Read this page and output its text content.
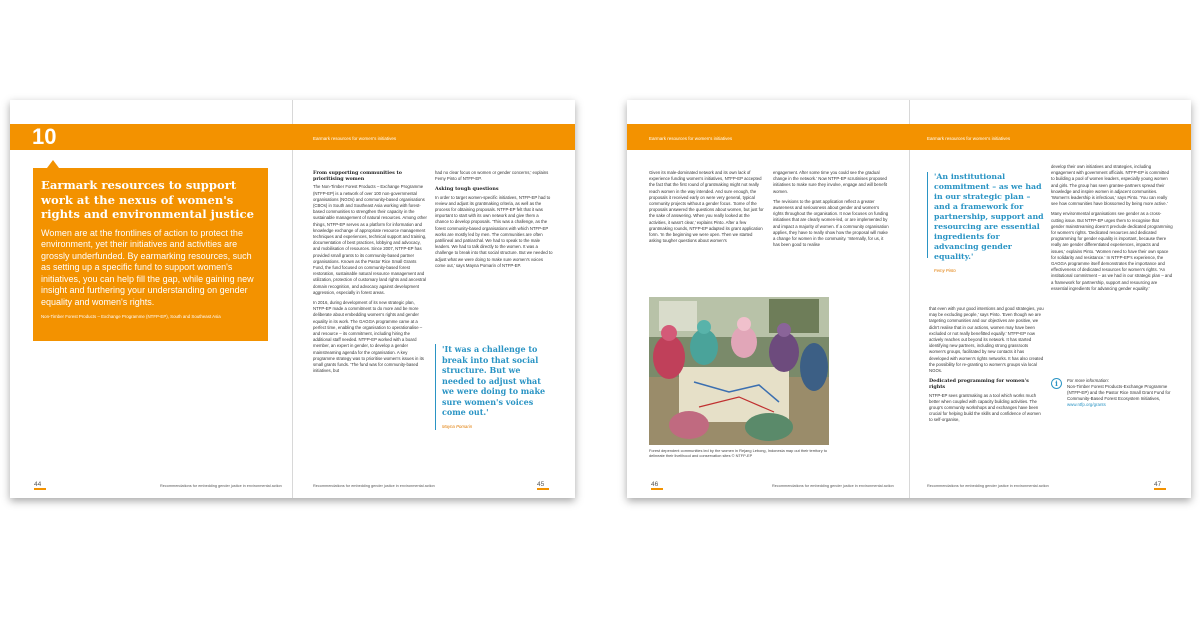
10	Earmark resources for women's initiatives
Earmark resources to support work at the nexus of women's rights and environmental justice

Women are at the frontlines of action to protect the environment, yet their initiatives and activities are grossly underfunded. By earmarking resources, such as setting up a specific fund to support women's initiatives, you can help fill the gap, while gaining new insight and furthering your understanding on gender equality and women's rights.

Non-Timber Forest Products – Exchange Programme (NTFP-EP), South and Southeast Asia
From supporting communities to prioritising women

The Non-Timber Forest Products – Exchange Programme (NTFP-EP) is a network of over 100 non-governmental organisations (NGOs) and community-based organisations (CBOs) in South and Southeast Asia working with forest-based communities to strengthen their capacity in the sustainable management of natural resources. Among other things, NTFP-EP serves as a platform for information and knowledge exchange of appropriate resource management techniques and experiences, technical support and training, documentation of best practices, lobbying and advocacy, and mobilisation of resources. Since 2007, NTFP-EP has provided small grants to its community-based partner organisations. Known as the Pastor Rice Small Grants Fund, the fund focused on community-based forest restoration, sustainable natural resource management and utilization, protection of customary land rights and ancestral domain recognition, and advocacy against development aggression, especially in forest areas.

In 2016, during development of its new strategic plan, NTFP-EP made a commitment to do more and be more deliberate about embedding women's rights and gender equality in its work. The GAGGA programme came at a perfect time, enabling the organisation to operationalise – and resource – its commitment, including hiring the additional staff needed. NTFP-EP worked with a board member, an expert in gender, to develop a gender mainstreaming agenda for the organisation. A key programme strategy was to prioritise women's issues in its small grants funds. 'The fund was for community-based initiatives, but

had no clear focus on women or gender concerns,' explains Femy Pinto of NTFP-EP.

Asking tough questions

In order to target women-specific initiatives, NTFP-EP had to review and adjust its grantmaking criteria, as well as the process for obtaining proposals. NTFP-EP felt that it was important to start with its own network and give them a chance to develop proposals. 'This was a challenge, as the forest community-based organisations with which NTFP-EP works are mostly led by men. The communities are often patrilineal and patriarchal. We had to speak to the male leaders. We had to talk directly to the women. It was a challenge to break into that social structure. But we needed to adjust what we were doing to make sure women's voices come out,' says Mayna Pomarin of NTFP-EP.

'It was a challenge to break into that social structure. But we needed to adjust what we were doing to make sure women's voices come out.'
Mayna Pomarin
44	Recommendations for embedding gender justice in environmental action	Recommendations for embedding gender justice in environmental action	45
Earmark resources for women's initiatives	Earmark resources for women's initiatives

Given its male-dominated network and its own lack of experience funding women's initiatives, NTFP-EP accepted the fact that the first round of grantmaking might not really reach women in the way intended. And sure enough, the proposals it received early on were very general, typical community projects without a gender focus. 'Some of the proposals answered the questions about women, but just for the sake of answering. When you really looked at the activities, it wasn't clear,' explains Pinto. After a few grantmaking rounds, NTFP-EP adapted its grant application form. 'In the beginning we were open. Then we started asking tougher questions about women's

engagement. After some time you could see the gradual change in the network.' Now NTFP-EP scrutinises proposed initiatives to make sure they involve, engage and will benefit women.

The revisions to the grant application reflect a greater awareness and seriousness about gender and women's rights throughout the organisation. It now focuses on funding initiatives that are clearly women-led, or are implemented by and impact a majority of women. If a community organisation applies, they have to really show how the proposal will make a change for women in the community. 'Internally, for us, it has been good to realise

Forest dependent communities led by the women in Rejang Lebong, Indonesia map out their territory to delineate their livelihood and conservation sites © NTFP-EP
'An institutional commitment – as we had in our strategic plan – and a framework for partnership, support and resourcing are essential ingredients for advancing gender equality.'
Femy Pinto

that even with your good intentions and good strategies, you may be excluding people,' says Pinto. 'Even though we are targeting communities and our objectives are positive, we didn't realise that in our actions, women may have been excluded or not really benefitted equally.' NTFP-EP now actively reaches out beyond its network. It has started identifying new partners, including strong grassroots women's groups, facilitated by new contacts it has developed with women's rights networks. It has also created the possibility for re-granting to women's groups via local NGOs.

Dedicated programming for women's rights

NTFP-EP sees grantmaking as a tool which works much better when coupled with capacity building activities. The group's community workshops and exchanges have been crucial for helping build the skills and confidence of women to self-organise,

develop their own initiatives and strategies, including engagement with government officials. NTFP-EP is committed to building a pool of women leaders, especially young women and girls. The group has seen grantee-partners spread their knowledge and inspire women in adjacent communities. 'Women's leadership is infectious,' says Pinto. 'You can really see how communities have blossomed by being more active.'

Many environmental organisations see gender as a cross-cutting issue. But NTFP-EP urges them to recognise that gender mainstreaming doesn't preclude dedicated programming for women's rights. 'Dedicated resources and dedicated programming for gender equality is important, because there really are gender differentiated experiences, impacts and issues,' explains Pinto. 'Women need to have their own space for solidarity and resistance.' In NTFP-EP's experience, the GAGGA programme itself demonstrates the importance and effectiveness of dedicated resources for women's rights. 'An institutional commitment – as we had in our strategic plan – and a framework for partnership, support and resourcing are essential ingredients for advancing gender equality.'

i	For more information:
Non-Timber Forest Products-Exchange Programme (NTFP-EP) and the Pastor Rice Small Grant Fund for Community-Based Forest Ecosystem Initiatives,
www.ntfp.org/grants
46	Recommendations for embedding gender justice in environmental action	Recommendations for embedding gender justice in environmental action	47
